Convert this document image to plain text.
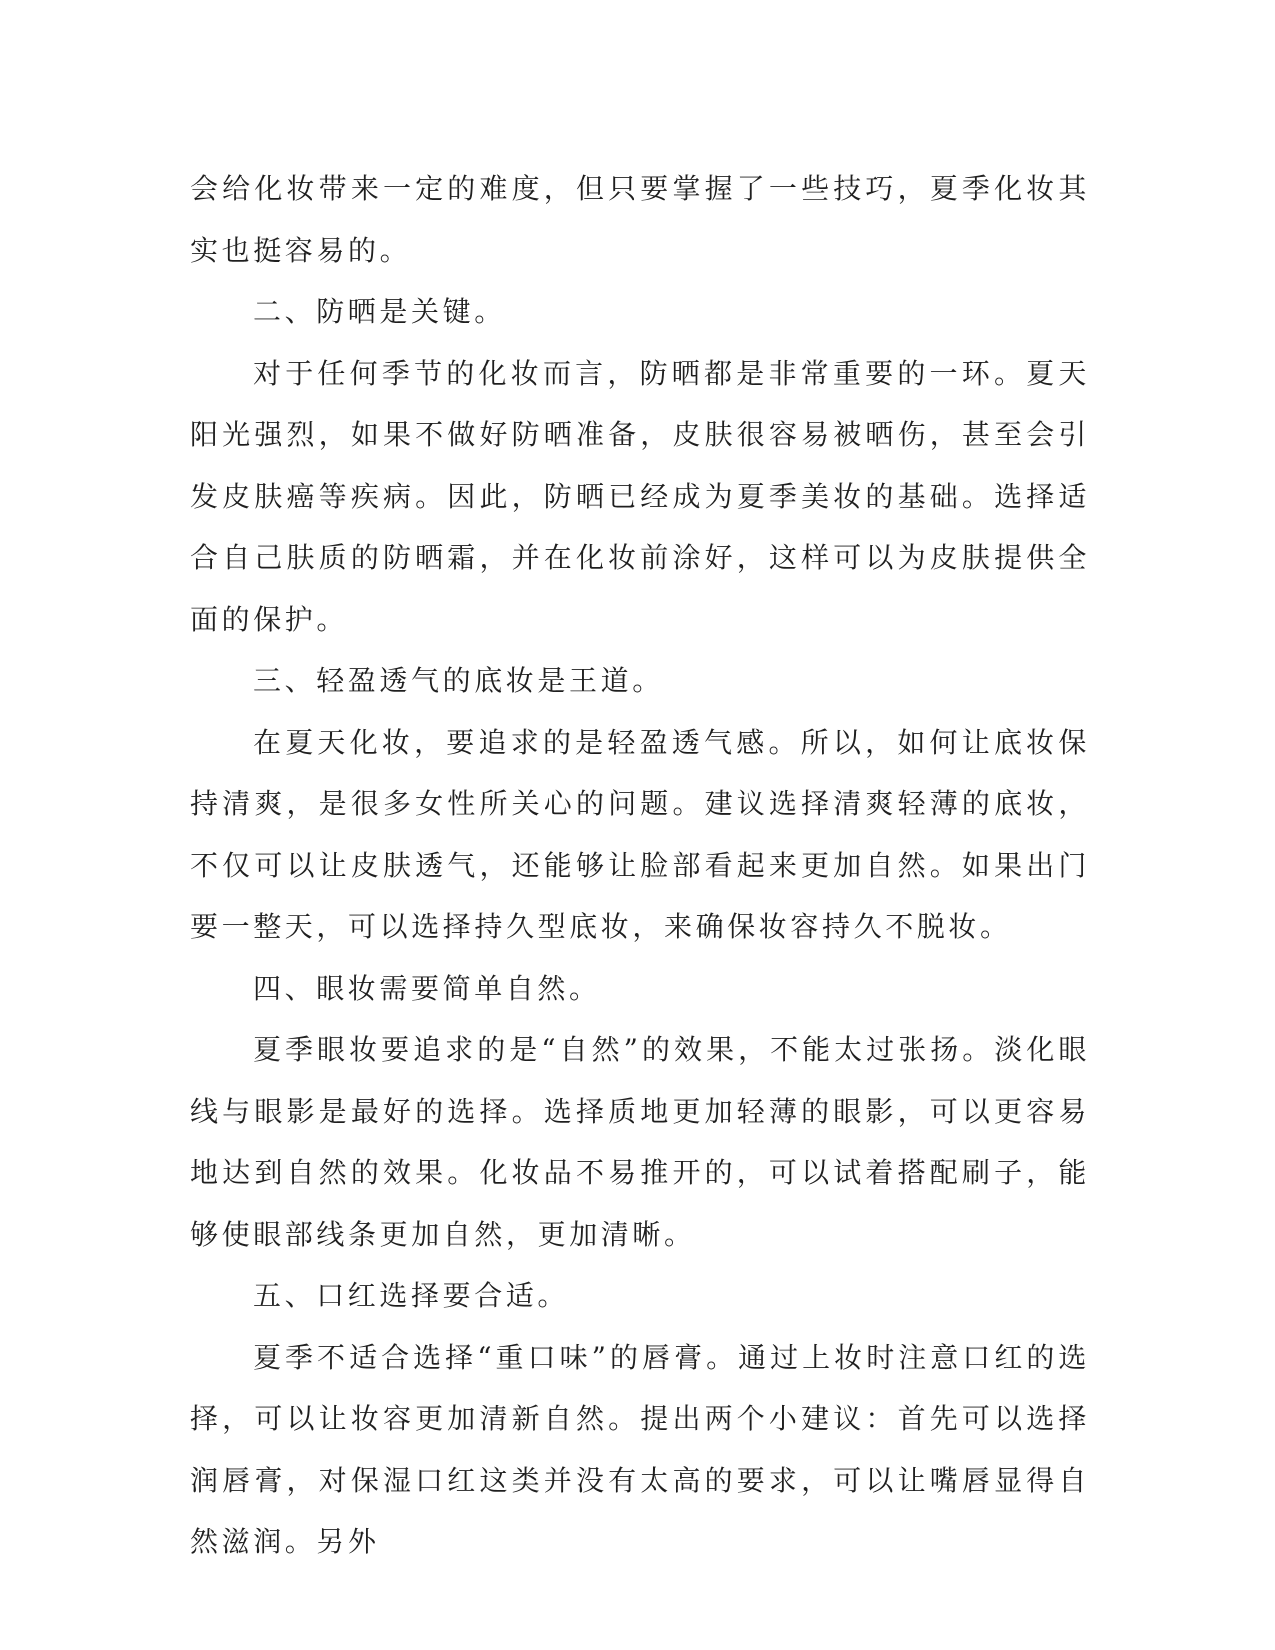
会给化妆带来一定的难度，但只要掌握了一些技巧，夏季化妆其实也挺容易的。

二、防晒是关键。

对于任何季节的化妆而言，防晒都是非常重要的一环。夏天阳光强烈，如果不做好防晒准备，皮肤很容易被晒伤，甚至会引发皮肤癌等疾病。因此，防晒已经成为夏季美妆的基础。选择适合自己肤质的防晒霜，并在化妆前涂好，这样可以为皮肤提供全面的保护。

三、轻盈透气的底妆是王道。

在夏天化妆，要追求的是轻盈透气感。所以，如何让底妆保持清爽，是很多女性所关心的问题。建议选择清爽轻薄的底妆，不仅可以让皮肤透气，还能够让脸部看起来更加自然。如果出门要一整天，可以选择持久型底妆，来确保妆容持久不脱妆。

四、眼妆需要简单自然。

夏季眼妆要追求的是“自然”的效果，不能太过张扬。淡化眼线与眼影是最好的选择。选择质地更加轻薄的眼影，可以更容易地达到自然的效果。化妆品不易推开的，可以试着搭配刷子，能够使眼部线条更加自然，更加清晰。

五、口红选择要合适。

夏季不适合选择“重口味”的唇膏。通过上妆时注意口红的选择，可以让妆容更加清新自然。提出两个小建议：首先可以选择润唇膏，对保湿口红这类并没有太高的要求，可以让嘴唇显得自然滋润。另外
